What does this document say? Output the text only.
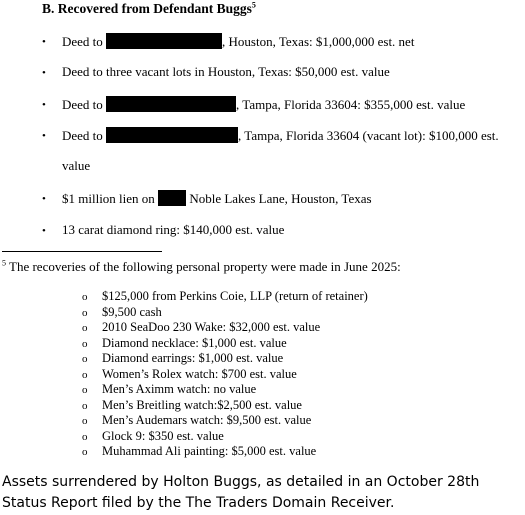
B. Recovered from Defendant Buggs$^5$
•	Deed to	, Houston, Texas: $1,000,000 est. net
•	Deed to three vacant lots in Houston, Texas: $50,000 est. value
•	Deed to	, Tampa, Florida 33604: $355,000 est. value
•	Deed to	, Tampa, Florida 33604 (vacant lot): $100,000 est.
value
•	$1 million lien on  Noble Lakes Lane, Houston, Texas
•	13 carat diamond ring: $140,000 est. value
$^5$ The recoveries of the following personal property were made in June 2025:
o $125,000 from Perkins Coie, LLP (return of retainer)
o $9,500 cash
o 2010 SeaDoo 230 Wake: $32,000 est. value
o Diamond necklace: $1,000 est. value
o Diamond earrings: $1,000 est. value
o Women’s Rolex watch: $700 est. value
o Men’s Aximm watch: no value
o Men’s Breitling watch:$2,500 est. value
o Men’s Audemars watch: $9,500 est. value
o Glock 9: $350 est. value
o Muhammad Ali painting: $5,000 est. value
Assets surrendered by Holton Buggs, as detailed in an October 28th Status Report filed by the The Traders Domain Receiver.
